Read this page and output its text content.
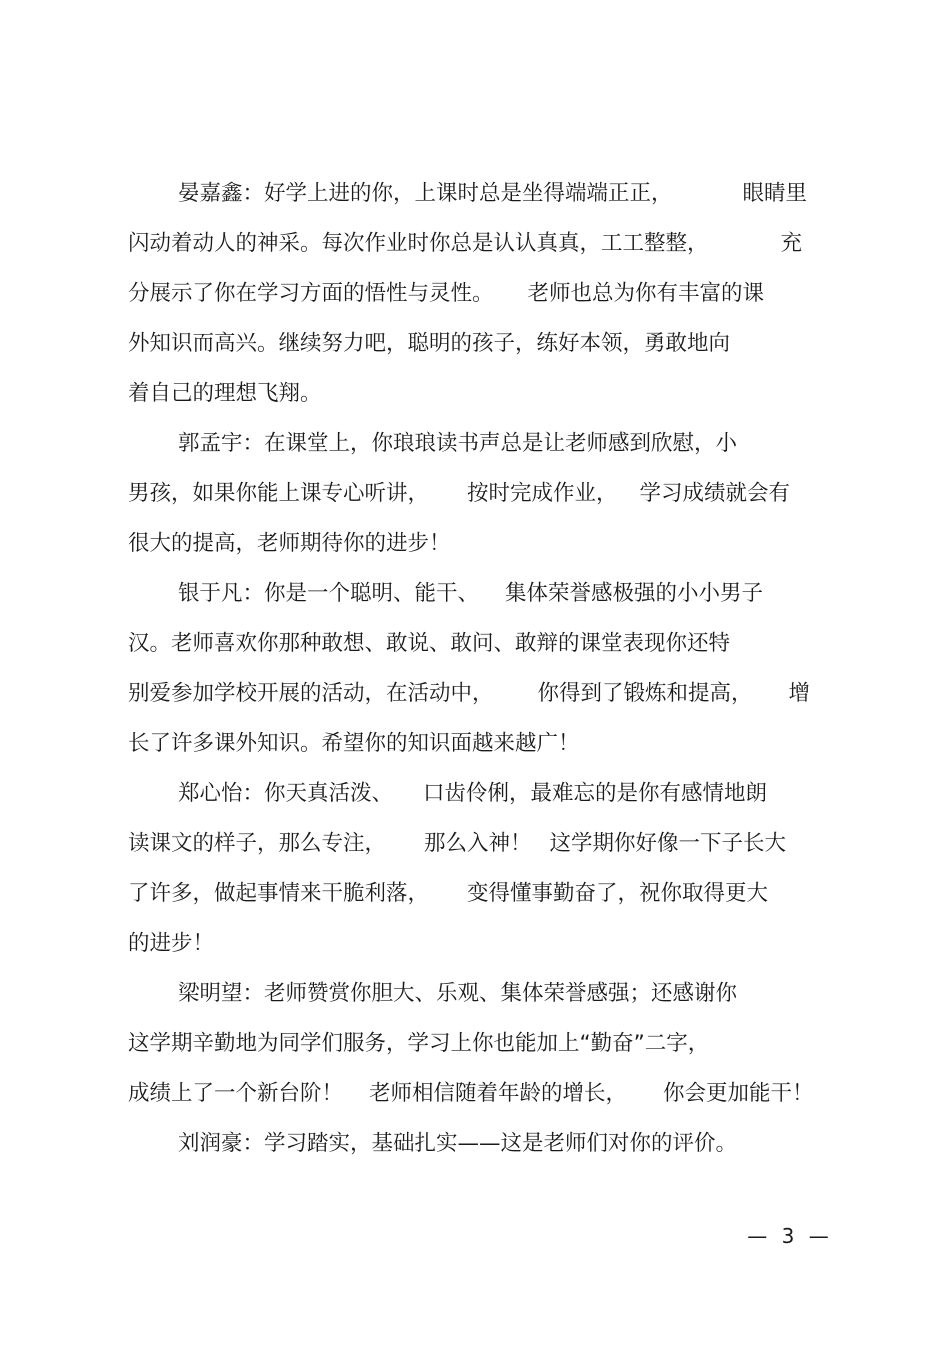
晏嘉鑫：好学上进的你，上课时总是坐得端端正正，	眼睛里
闪动着动人的神采。每次作业时你总是认认真真，工工整整，	充
分展示了你在学习方面的悟性与灵性。 老师也总为你有丰富的课
外知识而高兴。继续努力吧，聪明的孩子，练好本领，勇敢地向
着自己的理想飞翔。
郭孟宇：在课堂上，你琅琅读书声总是让老师感到欣慰，小
男孩，如果你能上课专心听讲， 按时完成作业， 学习成绩就会有
很大的提高，老师期待你的进步！
银于凡：你是一个聪明、能干、 集体荣誉感极强的小小男子
汉。老师喜欢你那种敢想、敢说、敢问、敢辩的课堂表现你还特
别爱参加学校开展的活动，在活动中， 你得到了锻炼和提高， 增
长了许多课外知识。希望你的知识面越来越广！
郑心怡：你天真活泼、 口齿伶俐，最难忘的是你有感情地朗
读课文的样子，那么专注， 那么入神！ 这学期你好像一下子长大
了许多，做起事情来干脆利落， 变得懂事勤奋了，祝你取得更大
的进步！
梁明望：老师赞赏你胆大、乐观、集体荣誉感强；还感谢你
这学期辛勤地为同学们服务，学习上你也能加上“勤奋”二字，
成绩上了一个新台阶！ 老师相信随着年龄的增长， 你会更加能干！
刘润豪：学习踏实，基础扎实——这是老师们对你的评价。
— 3 —
